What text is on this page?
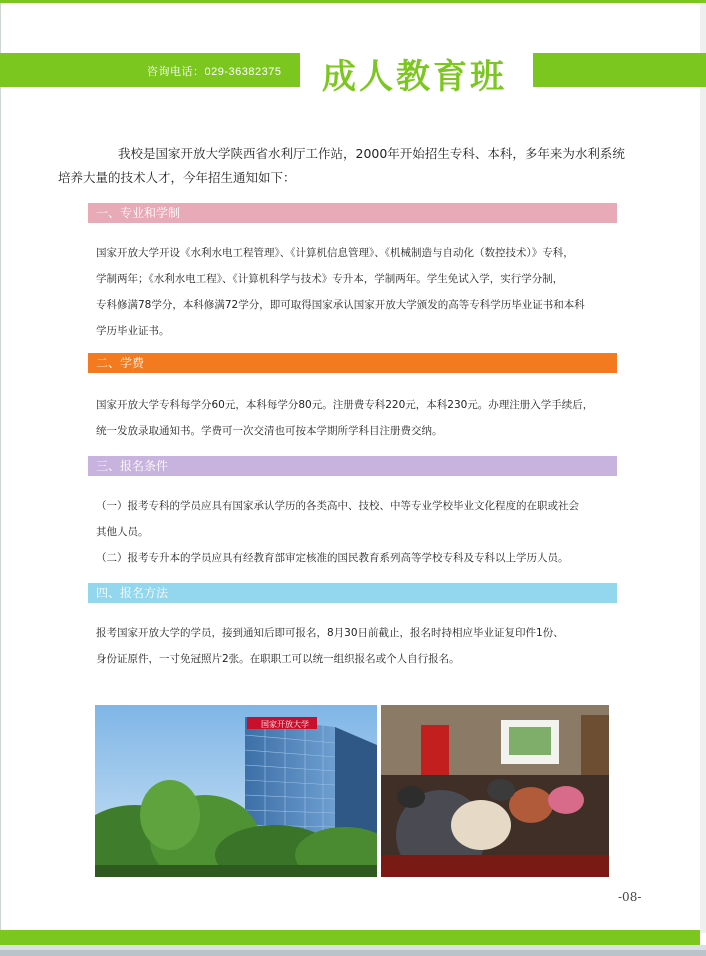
咨询电话：029-36382375 成人教育班
我校是国家开放大学陕西省水利厅工作站，2000年开始招生专科、本科，多年来为水利系统
培养大量的技术人才，今年招生通知如下：
一、专业和学制
国家开放大学开设《水利水电工程管理》、《计算机信息管理》、《机械制造与自动化（数控技术）》专科，
学制两年；《水利水电工程》、《计算机科学与技术》专升本，学制两年。学生免试入学，实行学分制，
专科修满78学分，本科修满72学分，即可取得国家承认国家开放大学颁发的高等专科学历毕业证书和本科
学历毕业证书。
二、学费
国家开放大学专科每学分60元，本科每学分80元。注册费专科220元，本科230元。办理注册入学手续后，
统一发放录取通知书。学费可一次交清也可按本学期所学科目注册费交纳。
三、报名条件
（一）报考专科的学员应具有国家承认学历的各类高中、技校、中等专业学校毕业文化程度的在职或社会
其他人员。
（二）报考专升本的学员应具有经教育部审定核准的国民教育系列高等学校专科及专科以上学历人员。
四、报名方法
报考国家开放大学的学员，接到通知后即可报名，8月30日前截止，报名时持相应毕业证复印件1份、
身份证原件，一寸免冠照片2张。在职职工可以统一组织报名或个人自行报名。
国家开放大学
-08-
